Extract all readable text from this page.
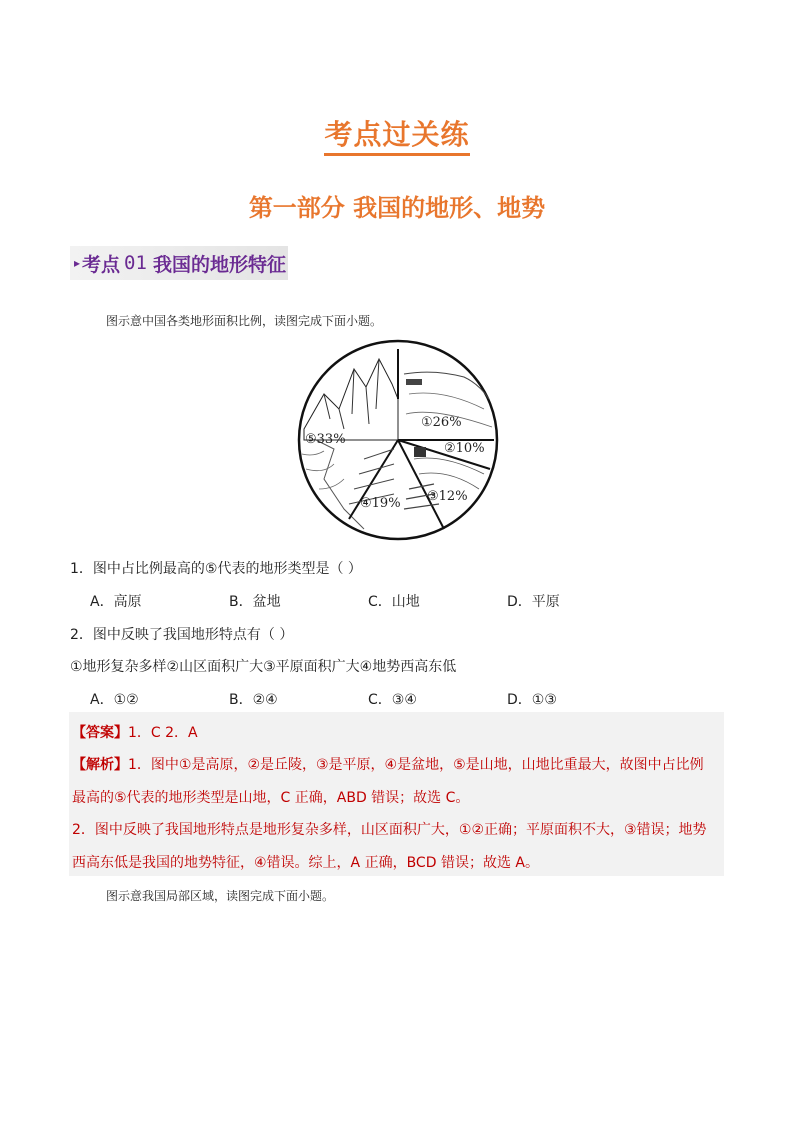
考点过关练
第一部分 我国的地形、地势
▸ 考点 01 我国的地形特征
图示意中国各类地形面积比例，读图完成下面小题。
①26%
②10%
③12%
④19%
⑤33%
1．图中占比例最高的⑤代表的地形类型是（ ）
A．高原	B．盆地	C．山地	D．平原
2．图中反映了我国地形特点有（ ）
①地形复杂多样②山区面积广大③平原面积广大④地势西高东低
A．①②	B．②④	C．③④	D．①③
【答案】1．C 2．A
【解析】1．图中①是高原，②是丘陵，③是平原，④是盆地，⑤是山地，山地比重最大，故图中占比例
最高的⑤代表的地形类型是山地，C 正确，ABD 错误；故选 C。
2．图中反映了我国地形特点是地形复杂多样，山区面积广大，①②正确；平原面积不大，③错误；地势
西高东低是我国的地势特征，④错误。综上，A 正确，BCD 错误；故选 A。
图示意我国局部区域，读图完成下面小题。
